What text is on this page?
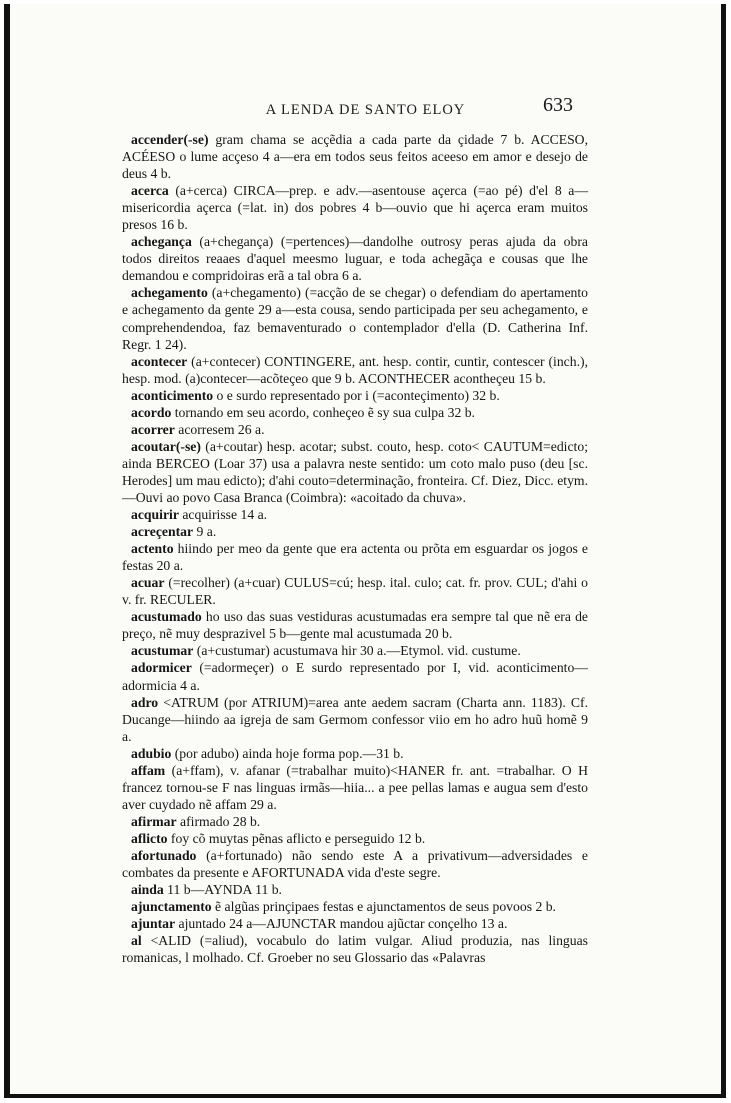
A LENDA DE SANTO ELOY	633

accender(-se) gram chama se acçẽdia a cada parte da çidade 7 b. ACCESO, ACÉESO o lume acçeso 4 a—era em todos seus feitos aceeso em amor e desejo de deus 4 b.

acerca (a+cerca) CIRCA—prep. e adv.—asentouse açerca (=ao pé) d'el 8 a—misericordia açerca (=lat. in) dos pobres 4 b—ouvio que hi açerca eram muitos presos 16 b.

achegança (a+chegança) (=pertences)—dandolhe outrosy peras ajuda da obra todos direitos reaaes d'aquel meesmo luguar, e toda achegãça e cousas que lhe demandou e compridoiras erã a tal obra 6 a.

achegamento (a+chegamento) (=acção de se chegar) o defendiam do apertamento e achegamento da gente 29 a—esta cousa, sendo participada per seu achegamento, e comprehendendoa, faz bemaventurado o contemplador d'ella (D. Catherina Inf. Regr. 1 24).

acontecer (a+contecer) CONTINGERE, ant. hesp. contir, cuntir, contescer (inch.), hesp. mod. (a)contecer—acõteçeo que 9 b. ACONTHECER acontheçeu 15 b.

aconticimento o e surdo representado por i (=aconteçimento) 32 b.

acordo tornando em seu acordo, conheçeo ẽ sy sua culpa 32 b.

acorrer acorresem 26 a.

acoutar(-se) (a+coutar) hesp. acotar; subst. couto, hesp. coto< CAUTUM=edicto; ainda BERCEO (Loar 37) usa a palavra neste sentido: um coto malo puso (deu [sc. Herodes] um mau edicto); d'ahi couto=determinação, fronteira. Cf. Diez, Dicc. etym.—Ouvi ao povo Casa Branca (Coimbra): «acoitado da chuva».

acquirir acquirisse 14 a.

acreçentar 9 a.

actento hiindo per meo da gente que era actenta ou prõta em esguardar os jogos e festas 20 a.

acuar (=recolher) (a+cuar) CULUS=cú; hesp. ital. culo; cat. fr. prov. CUL; d'ahi o v. fr. RECULER.

acustumado ho uso das suas vestiduras acustumadas era sempre tal que nẽ era de preço, nẽ muy desprazivel 5 b—gente mal acustumada 20 b.

acustumar (a+custumar) acustumava hir 30 a.—Etymol. vid. custume.

adormicer (=adormeçer) o E surdo representado por I, vid. aconticimento—adormicia 4 a.

adro <ATRUM (por ATRIUM)=area ante aedem sacram (Charta ann. 1183). Cf. Ducange—hiindo aa igreja de sam Germom confessor viio em ho adro huũ homẽ 9 a.

adubio (por adubo) ainda hoje forma pop.—31 b.

affam (a+ffam), v. afanar (=trabalhar muito)<HANER fr. ant. =trabalhar. O H francez tornou-se F nas linguas irmãs—hiia... a pee pellas lamas e augua sem d'esto aver cuydado nẽ affam 29 a.

afirmar afirmado 28 b.

aflicto foy cõ muytas pẽnas aflicto e perseguido 12 b.

afortunado (a+fortunado) não sendo este A a privativum—adversidades e combates da presente e AFORTUNADA vida d'este segre.

ainda 11 b—AYNDA 11 b.

ajunctamento ẽ algũas prinçipaes festas e ajunctamentos de seus povoos 2 b.

ajuntar ajuntado 24 a—AJUNCTAR mandou ajũctar conçelho 13 a.

al <ALID (=aliud), vocabulo do latim vulgar. Aliud produzia, nas linguas romanicas, l molhado. Cf. Groeber no seu Glossario das «Palavras
